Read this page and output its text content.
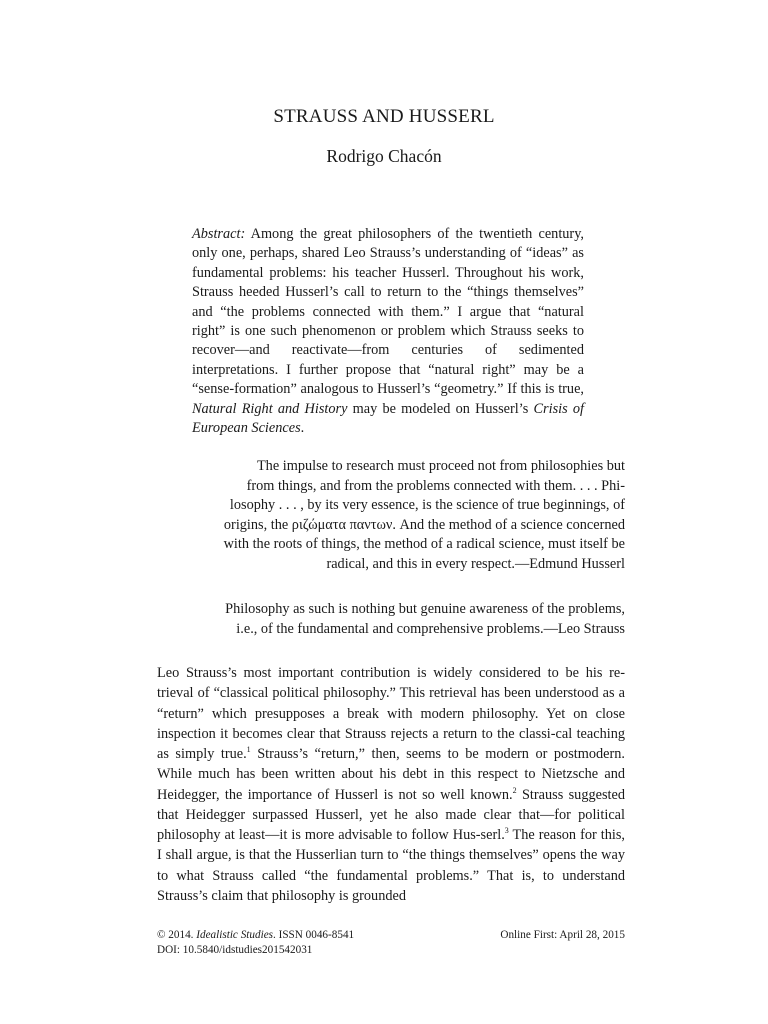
STRAUSS AND HUSSERL
Rodrigo Chacón

Abstract: Among the great philosophers of the twentieth century, only one, perhaps, shared Leo Strauss’s understanding of “ideas” as fundamental problems: his teacher Husserl. Throughout his work, Strauss heeded Husserl’s call to return to the “things themselves” and “the problems connected with them.” I argue that “natural right” is one such phenomenon or problem which Strauss seeks to recover—and reactivate—from centuries of sedimented interpretations. I further propose that “natural right” may be a “sense-formation” analogous to Husserl’s “geometry.” If this is true, Natural Right and History may be modeled on Husserl’s Crisis of European Sciences.

The impulse to research must proceed not from philosophies but

from things, and from the problems connected with them. . . . Phi-

losophy . . . , by its very essence, is the science of true beginnings, of

origins, the ριζώματα παντων. And the method of a science concerned

with the roots of things, the method of a radical science, must itself be

radical, and this in every respect.—Edmund Husserl

Philosophy as such is nothing but genuine awareness of the problems,

i.e., of the fundamental and comprehensive problems.—Leo Strauss

Leo Strauss’s most important contribution is widely considered to be his re-trieval of “classical political philosophy.” This retrieval has been understood as a “return” which presupposes a break with modern philosophy. Yet on close inspection it becomes clear that Strauss rejects a return to the classi-cal teaching as simply true.$^1$ Strauss’s “return,” then, seems to be modern or postmodern. While much has been written about his debt in this respect to Nietzsche and Heidegger, the importance of Husserl is not so well known.$^2$ Strauss suggested that Heidegger surpassed Husserl, yet he also made clear that—for political philosophy at least—it is more advisable to follow Hus-serl.$^3$ The reason for this, I shall argue, is that the Husserlian turn to “the things themselves” opens the way to what Strauss called “the fundamental problems.” That is, to understand Strauss’s claim that philosophy is grounded

© 2014. Idealistic Studies. ISSN 0046-8541
DOI: 10.5840/idstudies201542031
Online First: April 28, 2015
